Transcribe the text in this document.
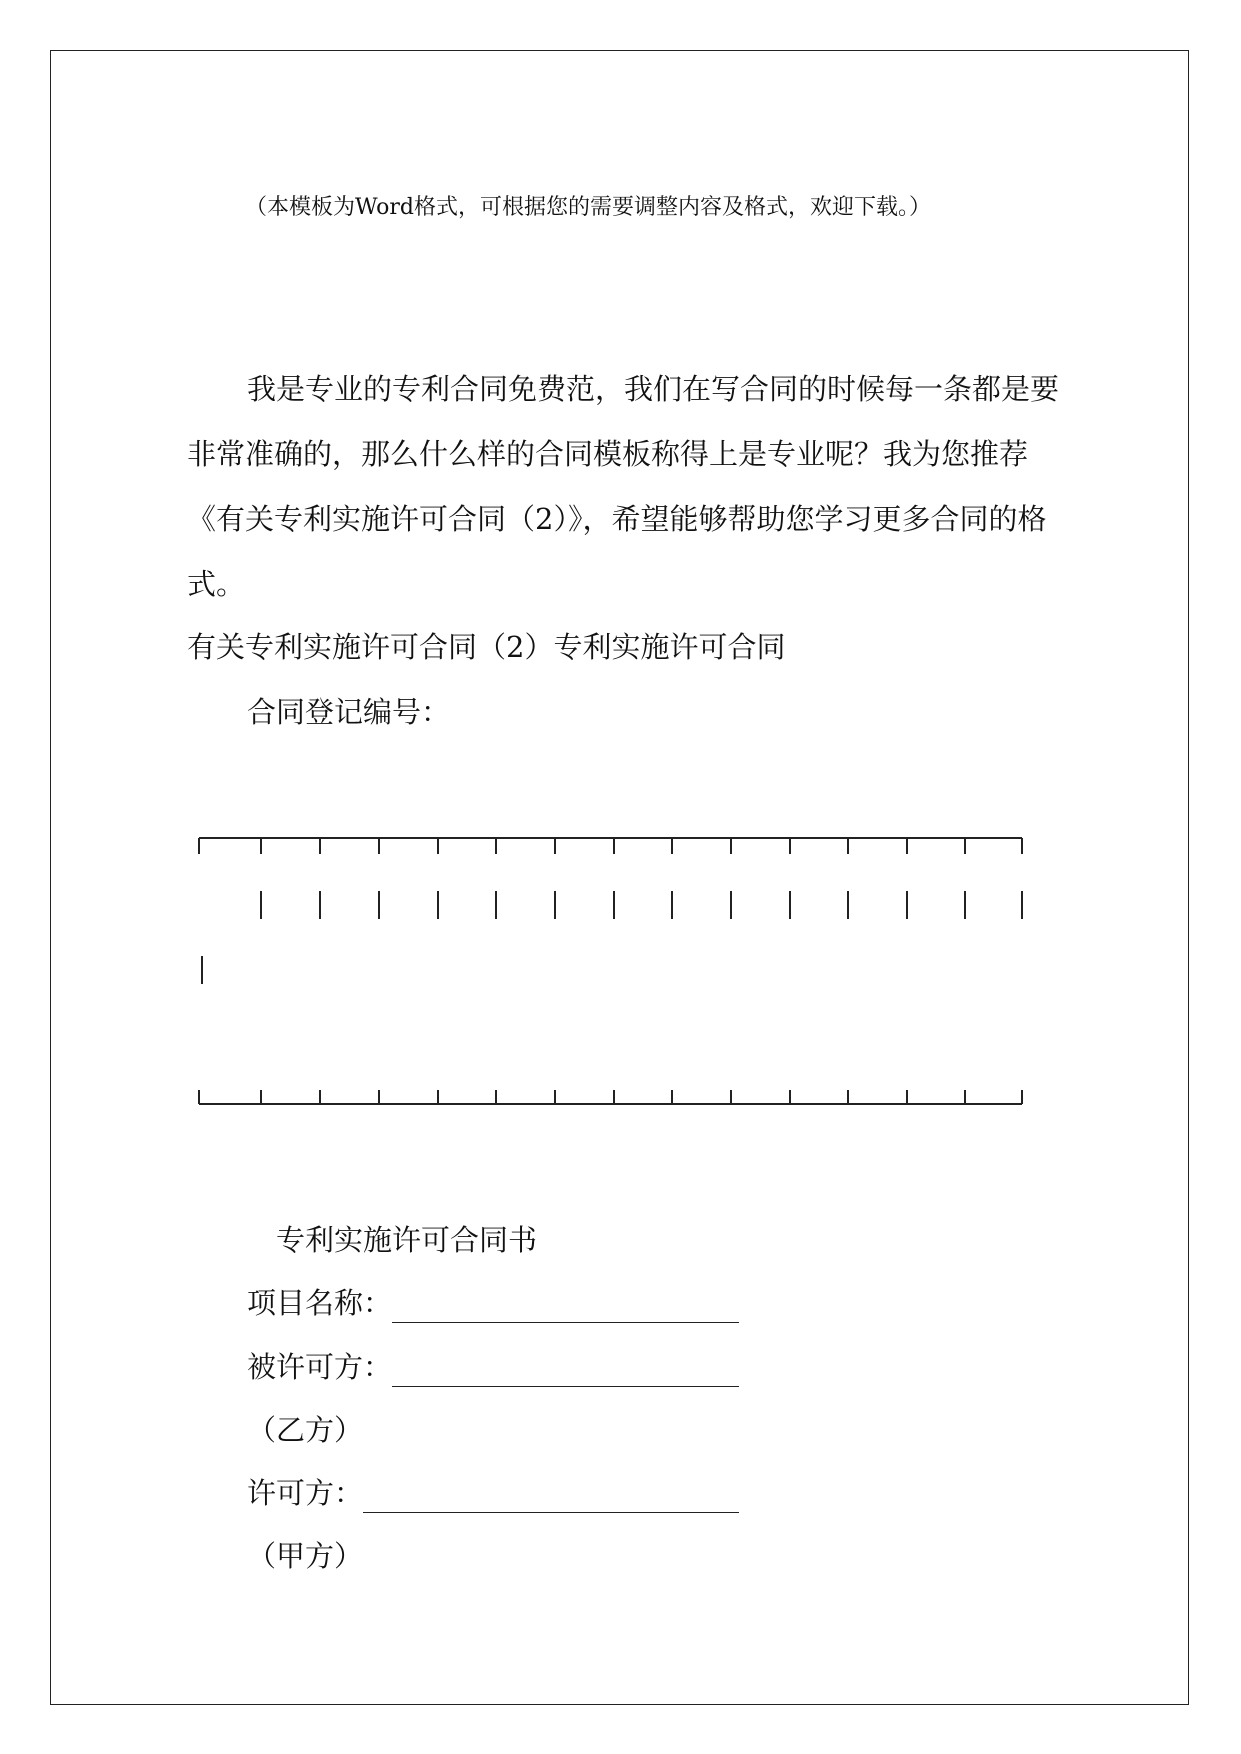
（本模板为Word格式，可根据您的需要调整内容及格式，欢迎下载。）
我是专业的专利合同免费范，我们在写合同的时候每一条都是要
非常准确的，那么什么样的合同模板称得上是专业呢？我为您推荐
《有关专利实施许可合同（2）》，希望能够帮助您学习更多合同的格
式。
有关专利实施许可合同（2）专利实施许可合同
合同登记编号：
专利实施许可合同书
项目名称：
被许可方：
（乙方）
许可方：
（甲方）
